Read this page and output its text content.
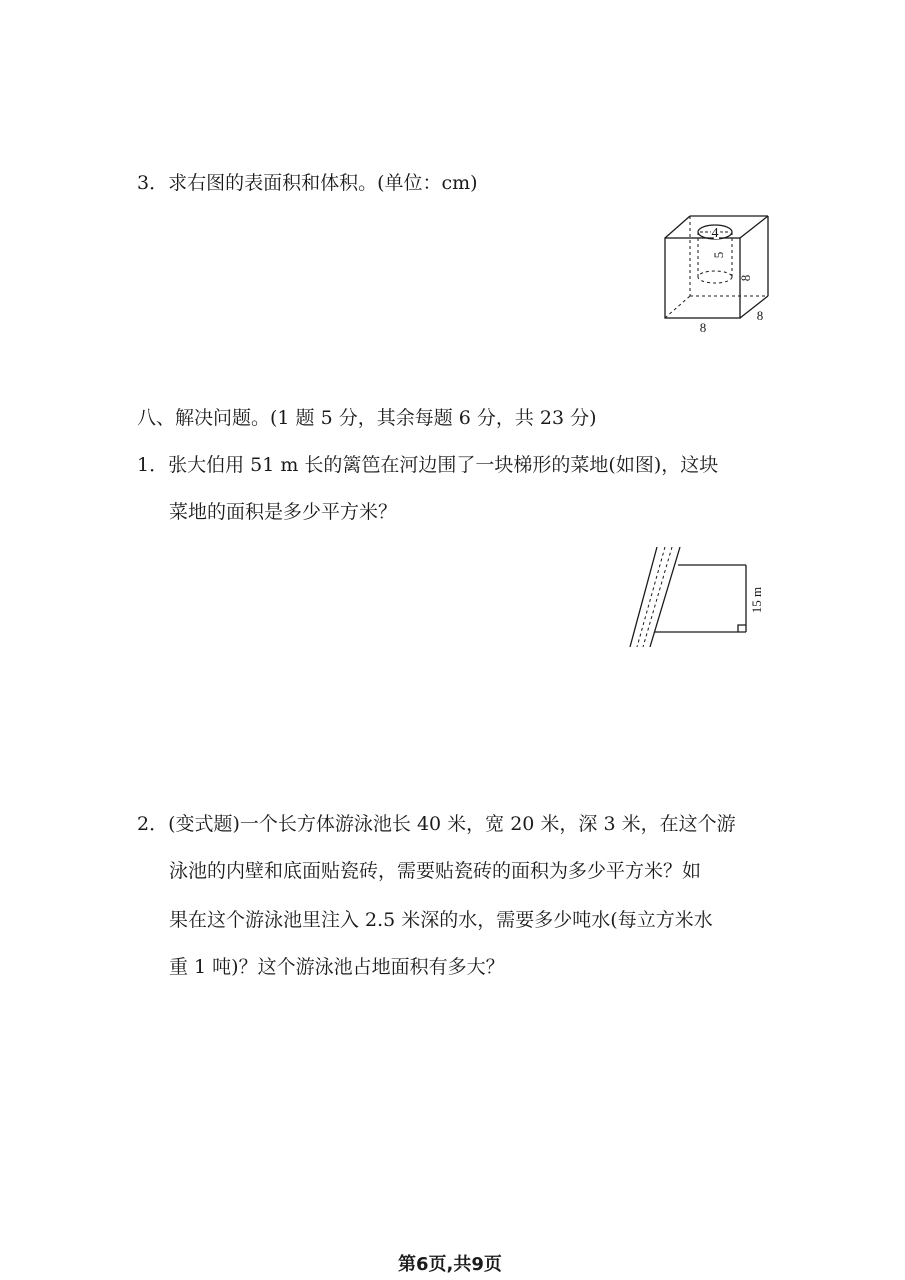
3．求右图的表面积和体积。(单位：cm)
4
5
8
8
8
八、解决问题。(1 题 5 分，其余每题 6 分，共 23 分)
1．张大伯用 51 m 长的篱笆在河边围了一块梯形的菜地(如图)，这块
菜地的面积是多少平方米？
15 m
2．(变式题)一个长方体游泳池长 40 米，宽 20 米，深 3 米，在这个游
泳池的内壁和底面贴瓷砖，需要贴瓷砖的面积为多少平方米？如
果在这个游泳池里注入 2.5 米深的水，需要多少吨水(每立方米水
重 1 吨)？这个游泳池占地面积有多大？
第6页,共9页
